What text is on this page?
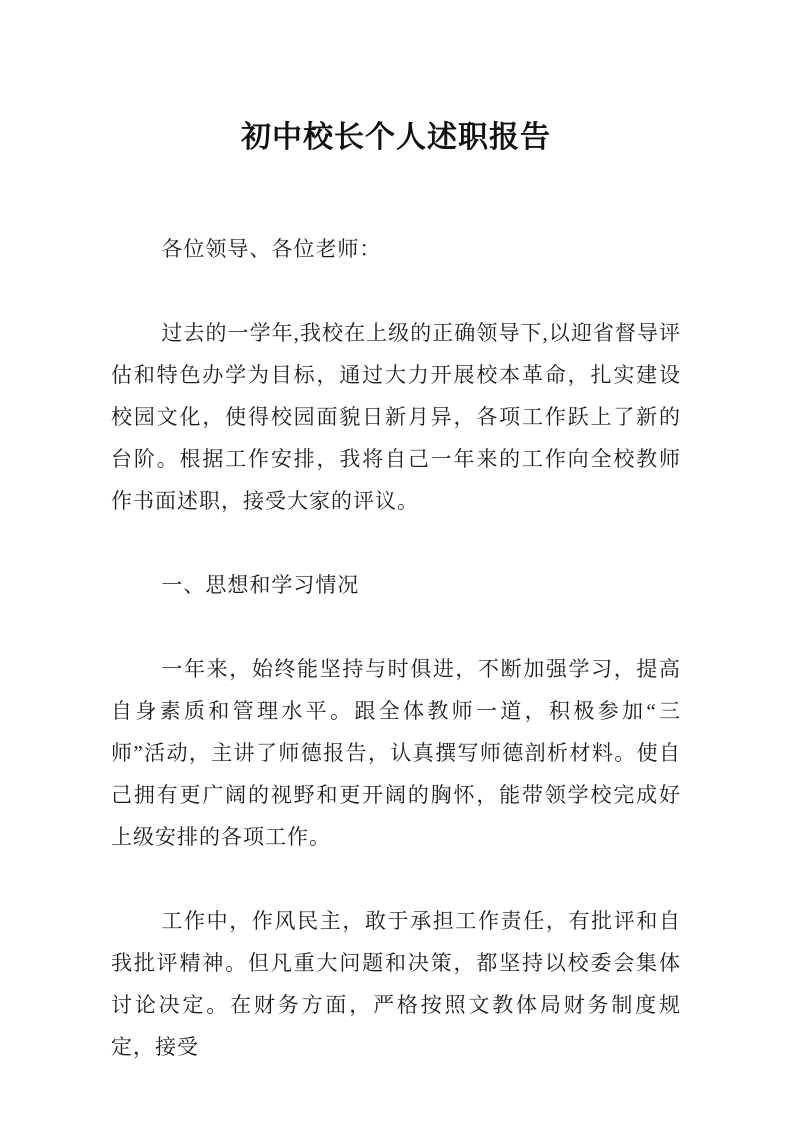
初中校长个人述职报告

各位领导、各位老师：

过去的一学年,我校在上级的正确领导下,以迎省督导评估和特色办学为目标，通过大力开展校本革命，扎实建设校园文化，使得校园面貌日新月异，各项工作跃上了新的台阶。根据工作安排，我将自己一年来的工作向全校教师作书面述职，接受大家的评议。

一、思想和学习情况

一年来，始终能坚持与时俱进，不断加强学习，提高自身素质和管理水平。跟全体教师一道，积极参加“三师”活动，主讲了师德报告，认真撰写师德剖析材料。使自己拥有更广阔的视野和更开阔的胸怀，能带领学校完成好上级安排的各项工作。

工作中，作风民主，敢于承担工作责任，有批评和自我批评精神。但凡重大问题和决策，都坚持以校委会集体讨论决定。在财务方面，严格按照文教体局财务制度规定，接受
